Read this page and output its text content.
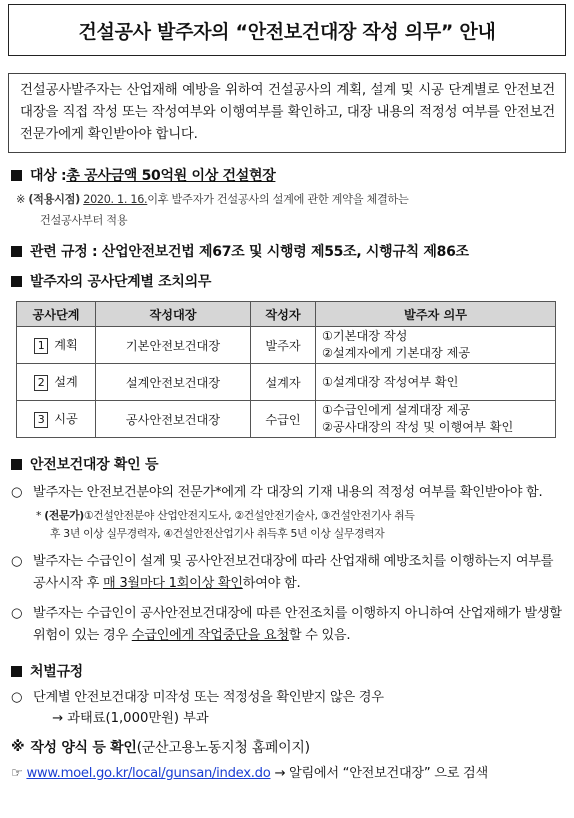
건설공사 발주자의 “안전보건대장 작성 의무” 안내
건설공사발주자는 산업재해 예방을 위하여 건설공사의 계획, 설계 및 시공 단계별로 안전보건대장을 직접 작성 또는 작성여부와 이행여부를 확인하고, 대장 내용의 적정성 여부를 안전보건전문가에게 확인받아야 합니다.
대상 : 총 공사금액 50억원 이상 건설현장
※ (적용시점) 2020. 1. 16.이후 발주자가 건설공사의 설계에 관한 계약을 체결하는
건설공사부터 적용
관련 규정 : 산업안전보건법 제67조 및 시행령 제55조, 시행규칙 제86조
발주자의 공사단계별 조치의무
공사단계	작성대장	작성자	발주자 의무
1 계획	기본안전보건대장	발주자	①기본대장 작성
②설계자에게 기본대장 제공

2 설계	설계안전보건대장	설계자	①설계대장 작성여부 확인

3 시공	공사안전보건대장	수급인	①수급인에게 설계대장 제공
②공사대장의 작성 및 이행여부 확인
안전보건대장 확인 등
○ 발주자는 안전보건분야의 전문가*에게 각 대장의 기재 내용의 적정성 여부를 확인받아야 함.
* (전문가)①건설안전분야 산업안전지도사, ②건설안전기술사, ③건설안전기사 취득
후 3년 이상 실무경력자, ④건설안전산업기사 취득후 5년 이상 실무경력자
○ 발주자는 수급인이 설계 및 공사안전보건대장에 따라 산업재해 예방조치를 이행하는지 여부를 공사시작 후 매 3월마다 1회이상 확인하여야 함.
○ 발주자는 수급인이 공사안전보건대장에 따른 안전조치를 이행하지 아니하여 산업재해가 발생할 위험이 있는 경우 수급인에게 작업중단을 요청할 수 있음.
처벌규정
○ 단계별 안전보건대장 미작성 또는 적정성을 확인받지 않은 경우
→ 과태료(1,000만원) 부과
※ 작성 양식 등 확인 (군산고용노동지청 홈페이지)
☞ www.moel.go.kr/local/gunsan/index.do → 알림에서 “안전보건대장” 으로 검색
